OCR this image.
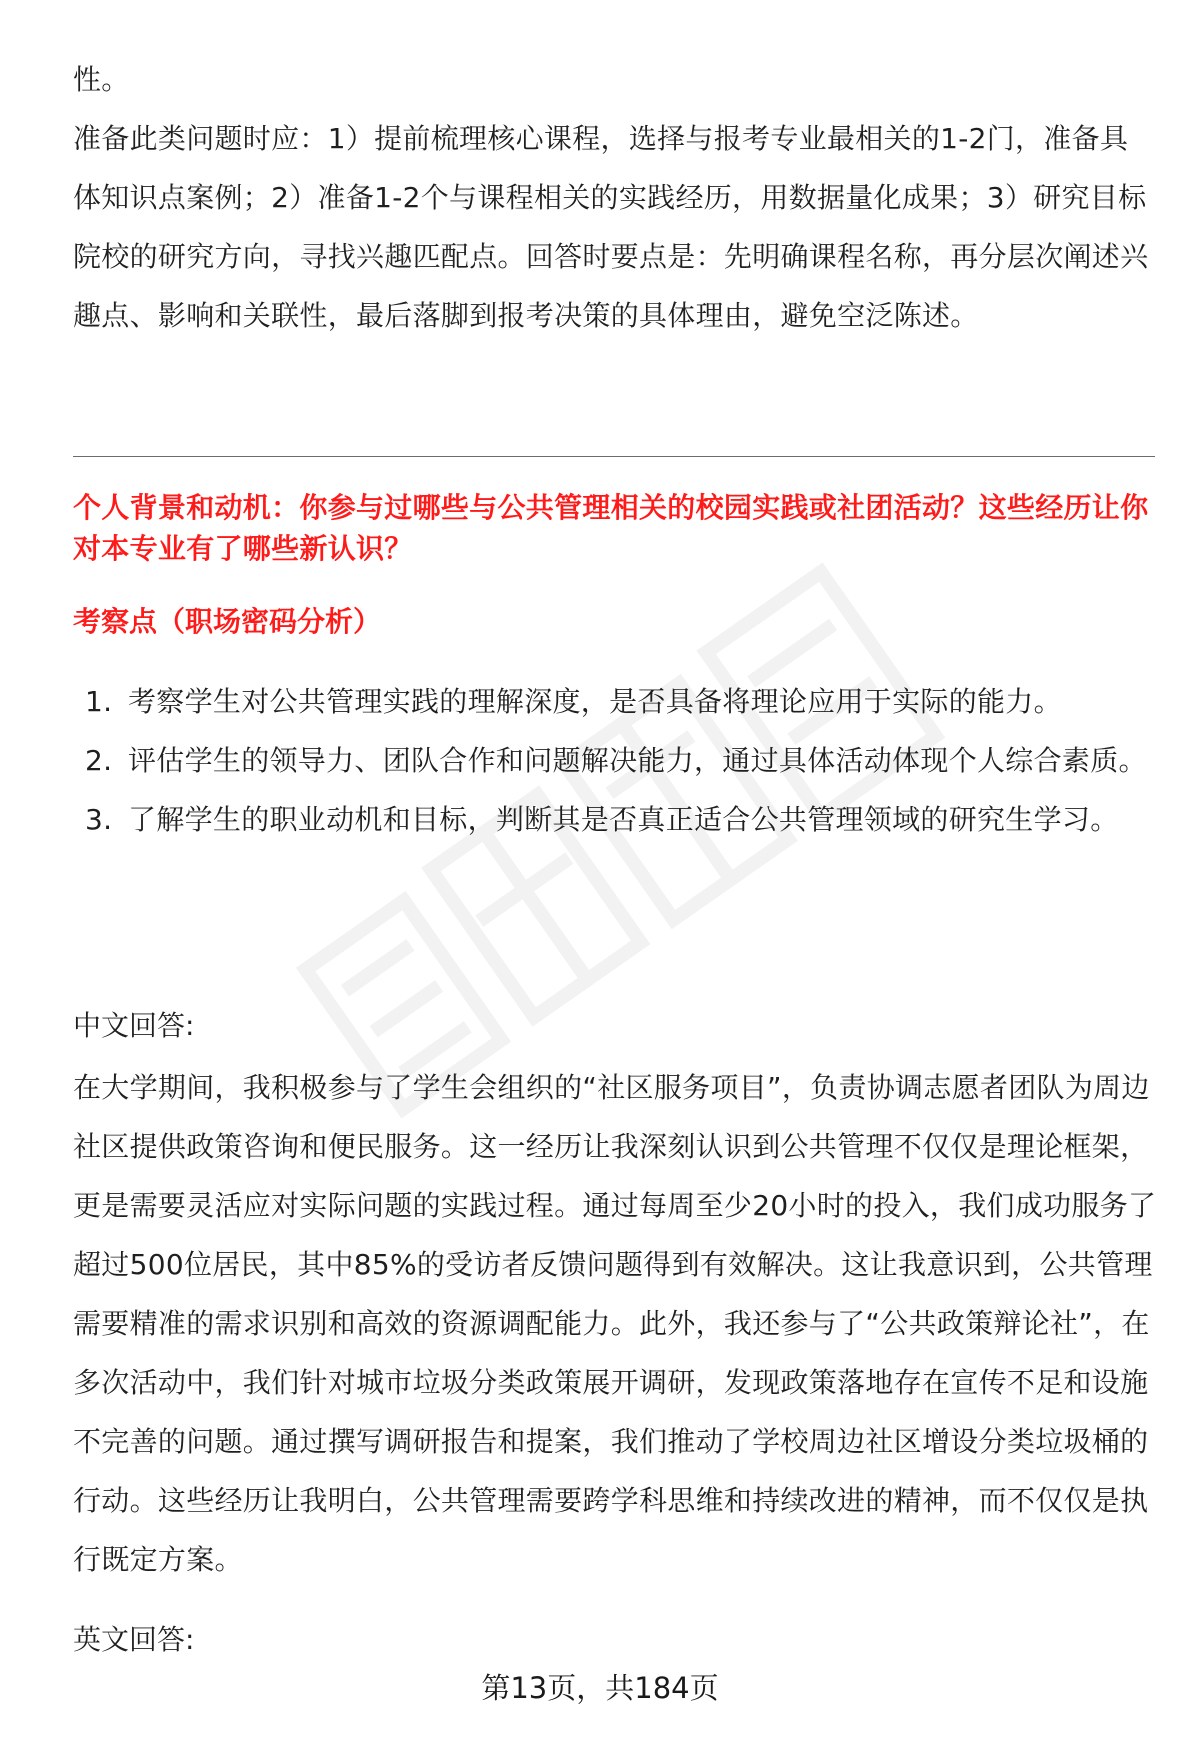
性。

准备此类问题时应：1）提前梳理核心课程，选择与报考专业最相关的1-2门，准备具体知识点案例；2）准备1-2个与课程相关的实践经历，用数据量化成果；3）研究目标院校的研究方向，寻找兴趣匹配点。回答时要点是：先明确课程名称，再分层次阐述兴趣点、影响和关联性，最后落脚到报考决策的具体理由，避免空泛陈述。

个人背景和动机：你参与过哪些与公共管理相关的校园实践或社团活动？这些经历让你对本专业有了哪些新认识？
考察点（职场密码分析）
1. 考察学生对公共管理实践的理解深度，是否具备将理论应用于实际的能力。
2. 评估学生的领导力、团队合作和问题解决能力，通过具体活动体现个人综合素质。
3. 了解学生的职业动机和目标，判断其是否真正适合公共管理领域的研究生学习。
中文回答:

在大学期间，我积极参与了学生会组织的“社区服务项目”，负责协调志愿者团队为周边社区提供政策咨询和便民服务。这一经历让我深刻认识到公共管理不仅仅是理论框架，更是需要灵活应对实际问题的实践过程。通过每周至少20小时的投入，我们成功服务了超过500位居民，其中85%的受访者反馈问题得到有效解决。这让我意识到，公共管理需要精准的需求识别和高效的资源调配能力。此外，我还参与了“公共政策辩论社”，在多次活动中，我们针对城市垃圾分类政策展开调研，发现政策落地存在宣传不足和设施不完善的问题。通过撰写调研报告和提案，我们推动了学校周边社区增设分类垃圾桶的行动。这些经历让我明白，公共管理需要跨学科思维和持续改进的精神，而不仅仅是执行既定方案。

英文回答:
第13页，共184页
